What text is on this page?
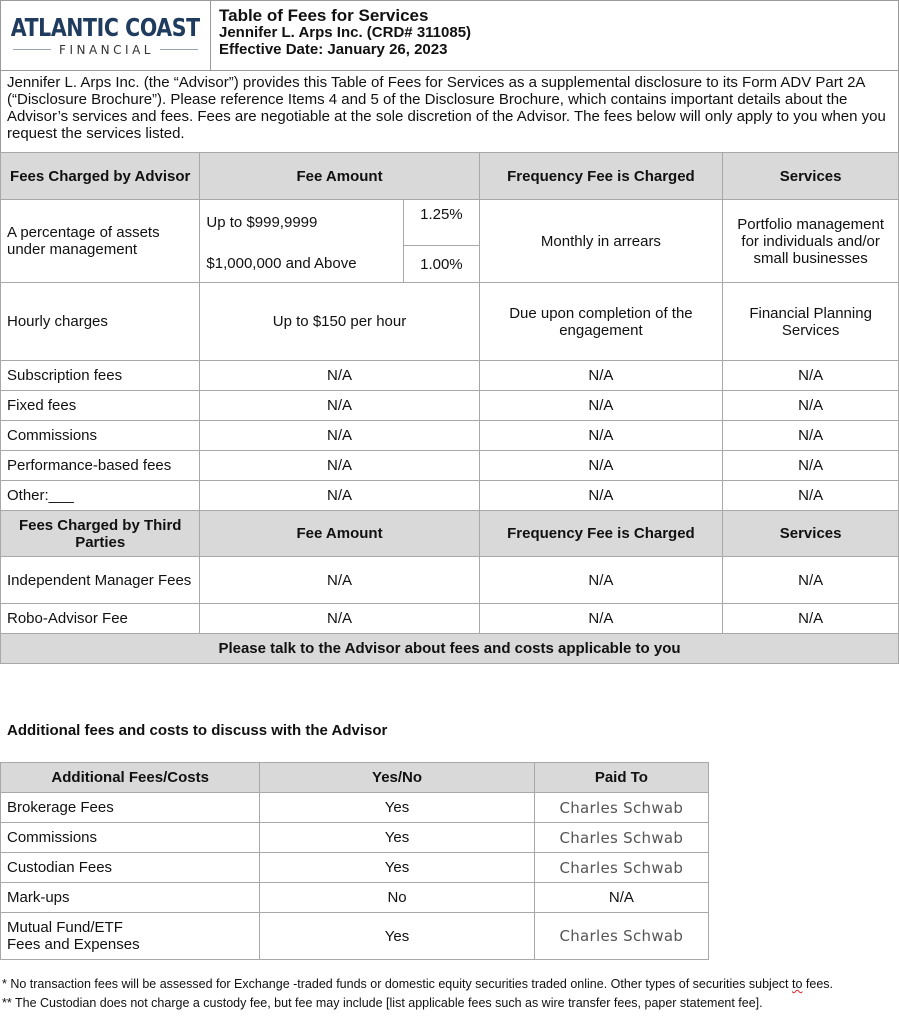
ATLANTIC COAST
FINANCIAL
Table of Fees for Services
Jennifer L. Arps Inc. (CRD# 311085)
Effective Date: January 26, 2023
Jennifer L. Arps Inc. (the “Advisor”) provides this Table of Fees for Services as a supplemental disclosure to its Form ADV Part 2A (“Disclosure Brochure”). Please reference Items 4 and 5 of the Disclosure Brochure, which contains important details about the Advisor’s services and fees. Fees are negotiable at the sole discretion of the Advisor. The fees below will only apply to you when you request the services listed.
Fees Charged by Advisor	Fee Amount		Frequency Fee is Charged	Services
A percentage of assets under management	Up to $999,9999	1.25%	Monthly in arrears	Portfolio management for individuals and/or small businesses
	$1,000,000 and Above	1.00%		
Hourly charges	Up to $150 per hour		Due upon completion of the engagement	Financial Planning Services
Subscription fees	N/A		N/A	N/A
Fixed fees	N/A		N/A	N/A
Commissions	N/A		N/A	N/A
Performance-based fees	N/A		N/A	N/A
Other:___	N/A		N/A	N/A
Fees Charged by Third Parties	Fee Amount		Frequency Fee is Charged	Services
Independent Manager Fees	N/A		N/A	N/A
Robo-Advisor Fee	N/A		N/A	N/A
Please talk to the Advisor about fees and costs applicable to you				
Additional fees and costs to discuss with the Advisor
Additional Fees/Costs	Yes/No	Paid To
Brokerage Fees	Yes	Charles Schwab
Commissions	Yes	Charles Schwab
Custodian Fees	Yes	Charles Schwab
Mark-ups	No	N/A
Mutual Fund/ETF Fees and Expenses	Yes	Charles Schwab
* No transaction fees will be assessed for Exchange -traded funds or domestic equity securities traded online. Other types of securities subject to fees.
** The Custodian does not charge a custody fee, but fee may include [list applicable fees such as wire transfer fees, paper statement fee].
